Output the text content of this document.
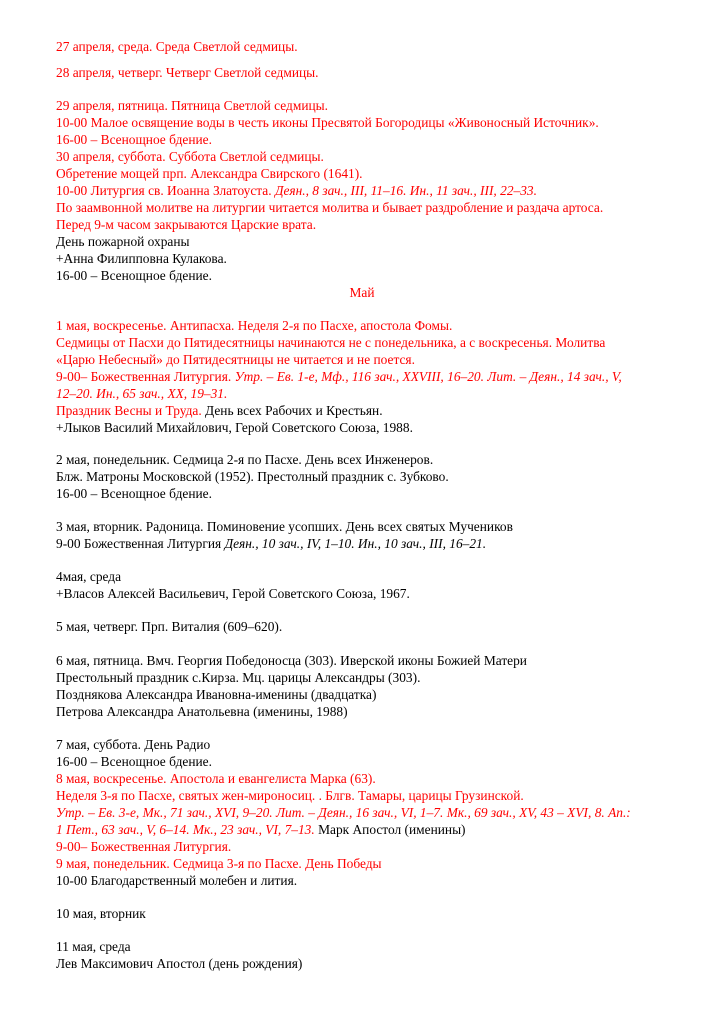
27 апреля, среда. Среда Светлой седмицы.
28 апреля, четверг. Четверг Светлой седмицы.
29 апреля, пятница. Пятница Светлой седмицы.
10-00 Малое освящение воды в честь иконы Пресвятой Богородицы «Живоносный Источник».
16-00 – Всенощное бдение.
30 апреля, суббота. Суббота Светлой седмицы.
Обретение мощей прп. Александра Свирского (1641).
10-00 Литургия св. Иоанна Златоуста. Деян., 8 зач., III, 11–16. Ин., 11 зач., III, 22–33.
По заамвонной молитве на литургии читается молитва и бывает раздробление и раздача артоса.
Перед 9-м часом закрываются Царские врата.
День пожарной охраны
+Анна Филипповна Кулакова.
16-00 – Всенощное бдение.
Май
1 мая, воскресенье. Антипасха. Неделя 2-я по Пасхе, апостола Фомы.
Седмицы от Пасхи до Пятидесятницы начинаются не с понедельника, а с воскресенья. Молитва
«Царю Небесный» до Пятидесятницы не читается и не поется.
9-00– Божественная Литургия. Утр. – Ев. 1-е, Мф., 116 зач., XXVIII, 16–20. Лит. – Деян., 14 зач., V,
12–20. Ин., 65 зач., XX, 19–31.
Праздник Весны и Труда. День всех Рабочих и Крестьян.
+Лыков Василий Михайлович, Герой Советского Союза, 1988.
2 мая, понедельник. Седмица 2-я по Пасхе. День всех Инженеров.
Блж. Матроны Московской (1952). Престолный праздник с. Зубково.
16-00 – Всенощное бдение.
3 мая, вторник. Радоница. Поминовение усопших. День всех святых Мучеников
9-00 Божественная Литургия Деян., 10 зач., IV, 1–10. Ин., 10 зач., III, 16–21.
4мая, среда
+Власов Алексей Васильевич, Герой Советского Союза, 1967.
5 мая, четверг. Прп. Виталия (609–620).
6 мая, пятница. Вмч. Георгия Победоносца (303). Иверской иконы Божией Матери
Престольный праздник с.Кирза. Мц. царицы Александры (303).
Позднякова Александра Ивановна-именины (двадцатка)
Петрова Александра Анатольевна (именины, 1988)
7 мая, суббота. День Радио
16-00 – Всенощное бдение.
8 мая, воскресенье. Апостола и евангелиста Марка (63).
Неделя 3-я по Пасхе, святых жен-мироносиц. . Блгв. Тамары, царицы Грузинской.
Утр. – Ев. 3-е, Мк., 71 зач., XVI, 9–20. Лит. – Деян., 16 зач., VI, 1–7. Мк., 69 зач., XV, 43 – XVI, 8. Ап.:
1 Пет., 63 зач., V, 6–14. Мк., 23 зач., VI, 7–13. Марк Апостол (именины)
9-00– Божественная Литургия.
9 мая, понедельник. Седмица 3-я по Пасхе. День Победы
10-00 Благодарственный молебен и лития.
10 мая, вторник
11 мая, среда
Лев Максимович Апостол (день рождения)
